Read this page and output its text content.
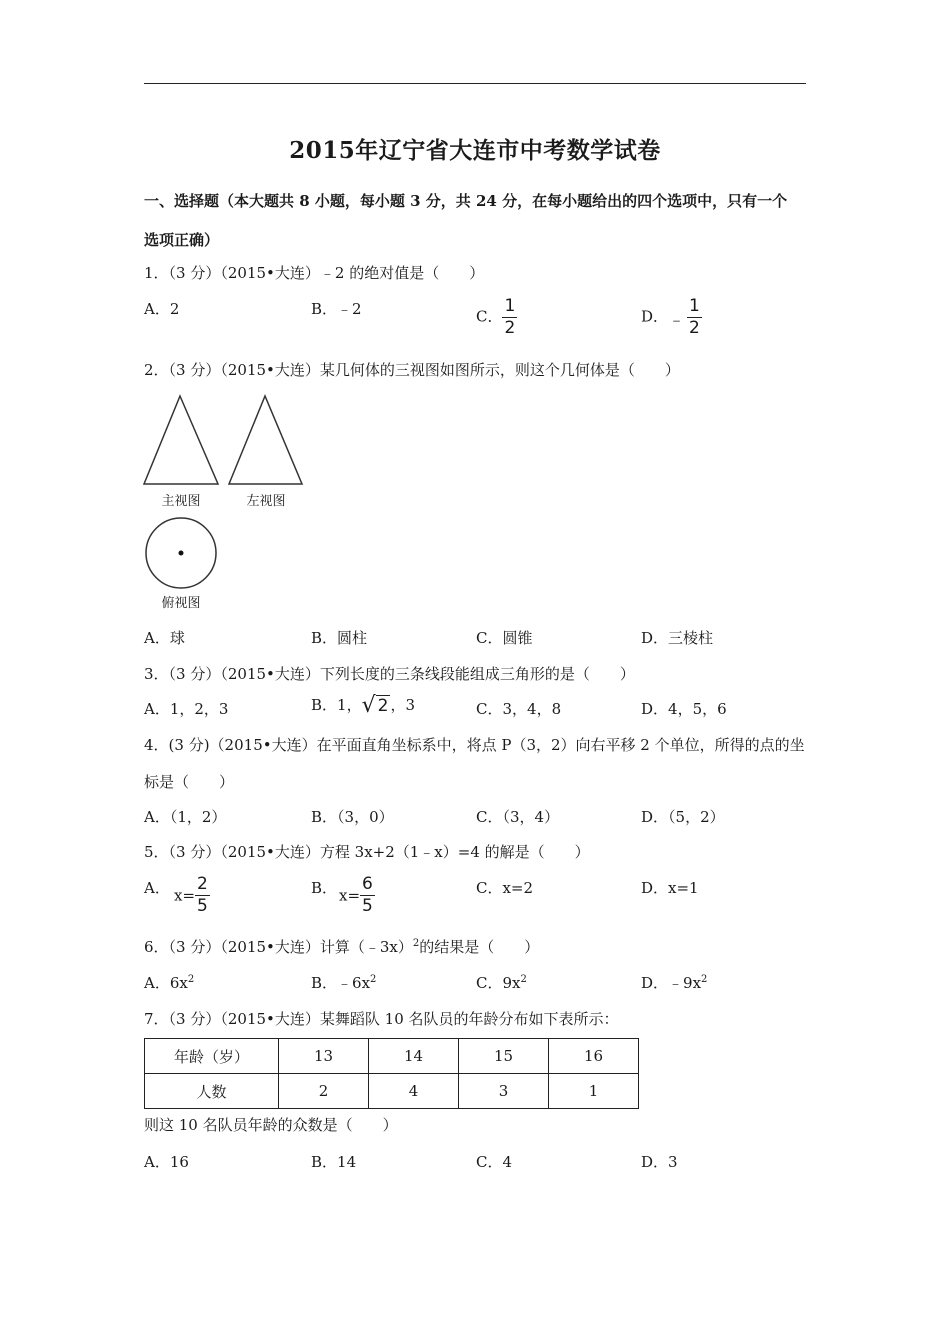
2015年辽宁省大连市中考数学试卷
一、选择题（本大题共 8 小题，每小题 3 分，共 24 分，在每小题给出的四个选项中，只有一个
选项正确）
1．（3 分）（2015•大连）﹣2 的绝对值是（　　）
A．2	B．﹣2	C． $\frac{1}{2}$	D．﹣ $\frac{1}{2}$
2．（3 分）（2015•大连）某几何体的三视图如图所示，则这个几何体是（　　）
主视图	左视图
俯视图
A．球	B．圆柱	C．圆锥	D．三棱柱
3．（3 分）（2015•大连）下列长度的三条线段能组成三角形的是（　　）
A．1，2，3	B．1， √ 2 ，3	C．3，4，8	D．4，5，6
4．(3 分)（2015•大连）在平面直角坐标系中，将点 P（3，2）向右平移 2 个单位，所得的点的坐
标是（　　）
A．（1，2）	B．（3，0）	C．（3，4）	D．（5，2）
5．（3 分）（2015•大连）方程 3x+2（1﹣x）=4 的解是（　　）
A． $x= \frac{2}{5}$	B． $x= \frac{6}{5}$	C．x=2	D．x=1
6．（3 分）（2015•大连）计算（﹣3x）$^2$的结果是（　　）
A．$6x^2$	B．$﹣6x^2$	C．$9x^2$	D．$﹣9x^2$
7．（3 分）（2015•大连）某舞蹈队 10 名队员的年龄分布如下表所示：
年龄（岁）	13	14	15	16
人数	2	4	3	1
则这 10 名队员年龄的众数是（　　）
A．16	B．14	C．4	D．3
